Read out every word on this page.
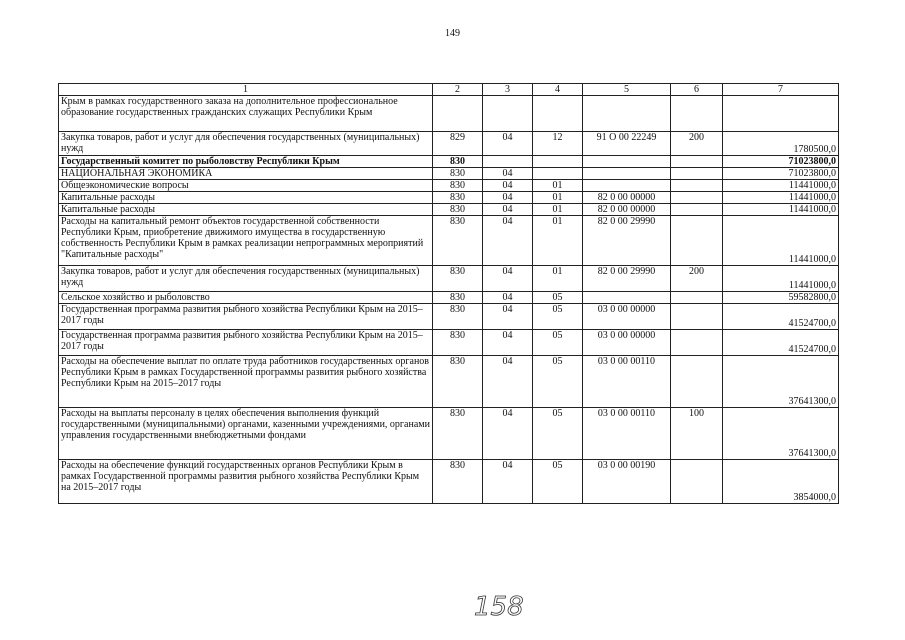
149
1	2	3	4	5	6	7
Крым в рамках государственного заказа на дополнительное профессиональное образование государственных гражданских служащих Республики Крым						
Закупка товаров, работ и услуг для обеспечения государственных (муниципальных) нужд	829	04	12	91 О 00 22249	200	1780500,0
Государственный комитет по рыболовству Республики Крым	830					71023800,0
НАЦИОНАЛЬНАЯ ЭКОНОМИКА	830	04				71023800,0
Общеэкономические вопросы	830	04	01			11441000,0
Капитальные расходы	830	04	01	82 0 00 00000		11441000,0
Капитальные расходы	830	04	01	82 0 00 00000		11441000,0
Расходы на капитальный ремонт объектов государственной собственности Республики Крым, приобретение движимого имущества в государственную собственность Республики Крым в рамках реализации непрограммных мероприятий "Капитальные расходы"	830	04	01	82 0 00 29990		11441000,0
Закупка товаров, работ и услуг для обеспечения государственных (муниципальных) нужд	830	04	01	82 0 00 29990	200	11441000,0
Сельское хозяйство и рыболовство	830	04	05			59582800,0
Государственная программа развития рыбного хозяйства Республики Крым на 2015–2017 годы	830	04	05	03 0 00 00000		41524700,0
Государственная программа развития рыбного хозяйства Республики Крым на 2015–2017 годы	830	04	05	03 0 00 00000		41524700,0
Расходы на обеспечение выплат по оплате труда работников государственных органов Республики Крым в рамках Государственной программы развития рыбного хозяйства Республики Крым на 2015–2017 годы	830	04	05	03 0 00 00110		37641300,0
Расходы на выплаты персоналу в целях обеспечения выполнения функций государственными (муниципальными) органами, казенными учреждениями, органами управления государственными внебюджетными фондами	830	04	05	03 0 00 00110	100	37641300,0
Расходы на обеспечение функций государственных органов Республики Крым в рамках Государственной программы развития рыбного хозяйства Республики Крым на 2015–2017 годы	830	04	05	03 0 00 00190		3854000,0
158
